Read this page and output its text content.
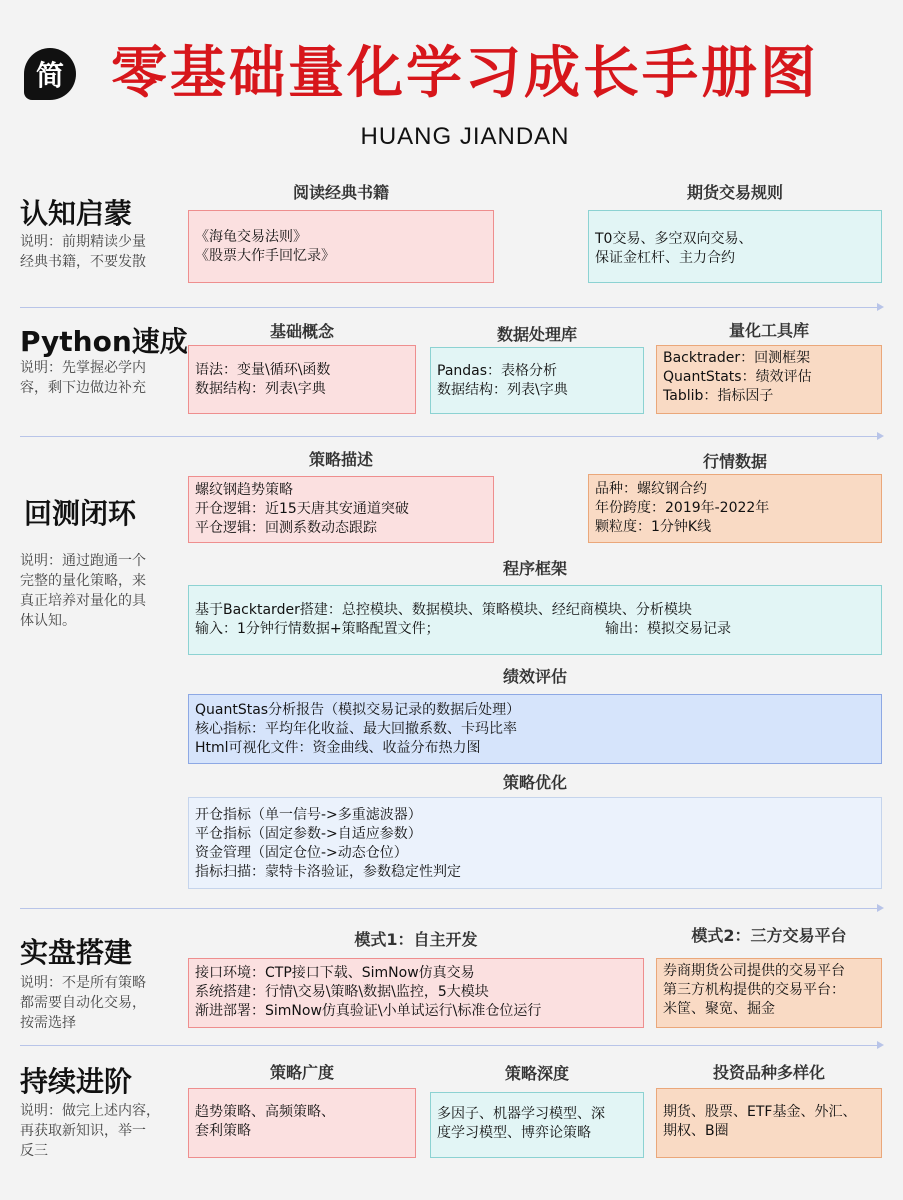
简 零基础量化学习成长手册图
HUANG JIANDAN
认知启蒙
说明：前期精读少量
经典书籍，不要发散
阅读经典书籍
《海龟交易法则》
《股票大作手回忆录》
期货交易规则
T0交易、多空双向交易、
保证金杠杆、主力合约
Python速成
说明：先掌握必学内
容，剩下边做边补充
基础概念
语法：变量\循环\函数
数据结构：列表\字典
数据处理库
Pandas：表格分析
数据结构：列表\字典
量化工具库
Backtrader：回测框架
QuantStats：绩效评估
Tablib：指标因子
回测闭环
说明：通过跑通一个
完整的量化策略，来
真正培养对量化的具
体认知。
策略描述
螺纹钢趋势策略
开仓逻辑：近15天唐其安通道突破
平仓逻辑：回测系数动态跟踪
行情数据
品种：螺纹钢合约
年份跨度：2019年-2022年
颗粒度：1分钟K线
程序框架
基于Backtarder搭建：总控模块、数据模块、策略模块、经纪商模块、分析模块
输入：1分钟行情数据+策略配置文件；	输出：模拟交易记录
绩效评估
QuantStas分析报告（模拟交易记录的数据后处理）
核心指标：平均年化收益、最大回撤系数、卡玛比率
Html可视化文件：资金曲线、收益分布热力图
策略优化
开仓指标（单一信号->多重滤波器）
平仓指标（固定参数->自适应参数）
资金管理（固定仓位->动态仓位）
指标扫描：蒙特卡洛验证，参数稳定性判定
实盘搭建
说明：不是所有策略
都需要自动化交易，
按需选择
模式1：自主开发
接口环境：CTP接口下载、SimNow仿真交易
系统搭建：行情\交易\策略\数据\监控，5大模块
渐进部署：SimNow仿真验证\小单试运行\标准仓位运行
模式2：三方交易平台
券商期货公司提供的交易平台
第三方机构提供的交易平台：
米筐、聚宽、掘金
持续进阶
说明：做完上述内容，
再获取新知识，举一
反三
策略广度
趋势策略、高频策略、
套利策略
策略深度
多因子、机器学习模型、深
度学习模型、博弈论策略
投资品种多样化
期货、股票、ETF基金、外汇、
期权、B圈
